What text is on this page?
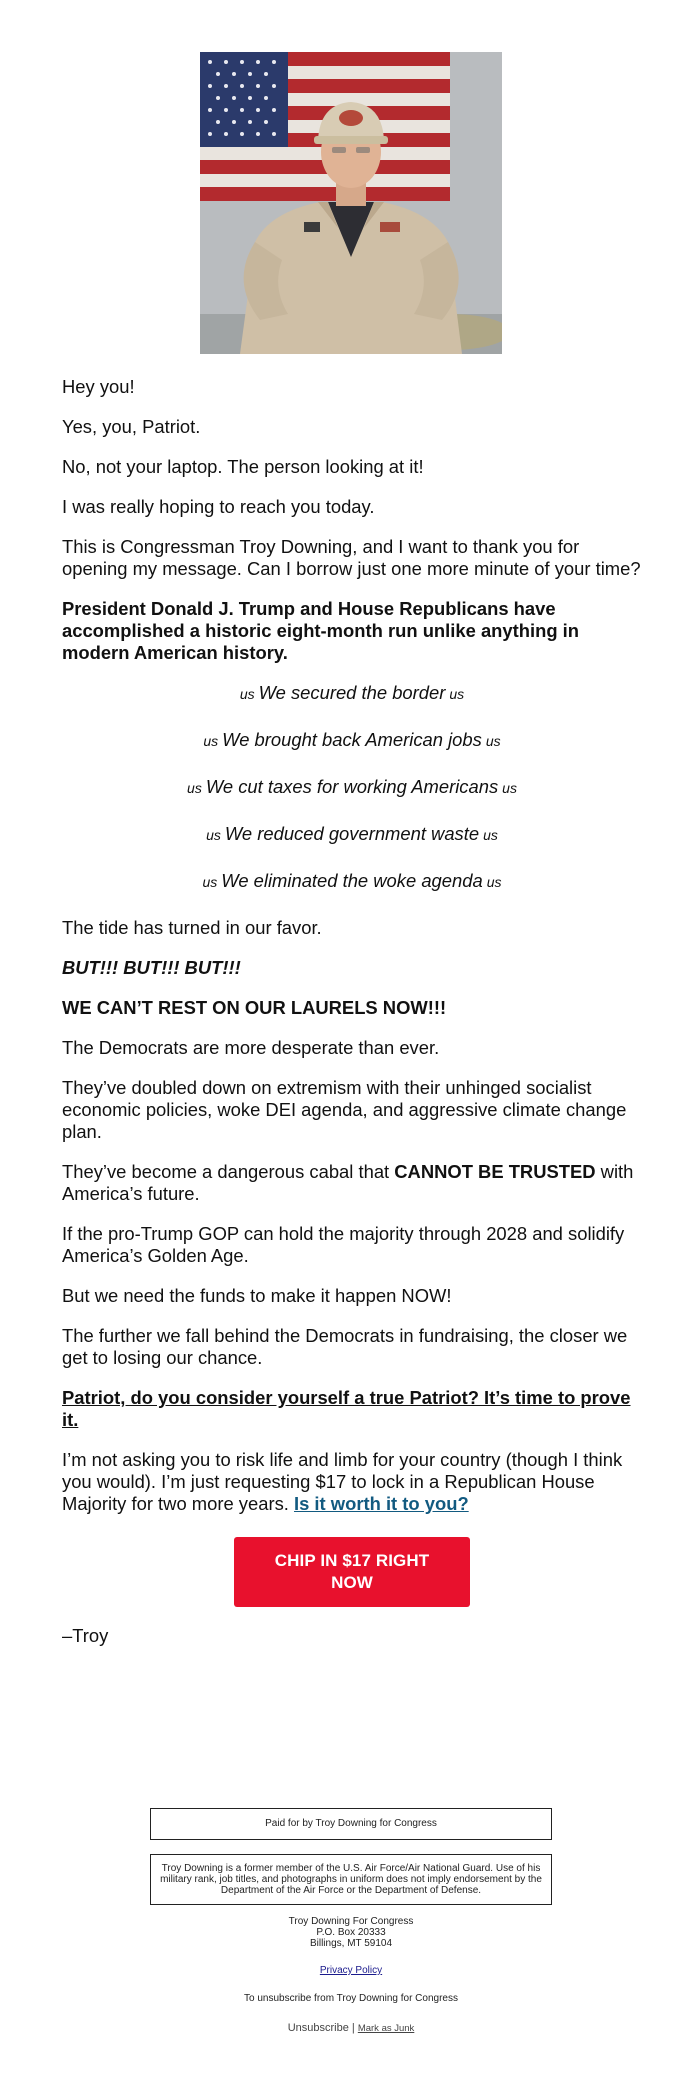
Hey you!

Yes, you, Patriot.

No, not your laptop. The person looking at it!

I was really hoping to reach you today.

This is Congressman Troy Downing, and I want to thank you for opening my message. Can I borrow just one more minute of your time?

President Donald J. Trump and House Republicans have accomplished a historic eight-month run unlike anything in modern American history.

us We secured the border us

us We brought back American jobs us

us We cut taxes for working Americans us

us We reduced government waste us

us We eliminated the woke agenda us

The tide has turned in our favor.

BUT!!! BUT!!! BUT!!!

WE CAN’T REST ON OUR LAURELS NOW!!!

The Democrats are more desperate than ever.

They’ve doubled down on extremism with their unhinged socialist economic policies, woke DEI agenda, and aggressive climate change plan.

They’ve become a dangerous cabal that CANNOT BE TRUSTED with America’s future.

If the pro-Trump GOP can hold the majority through 2028 and solidify America’s Golden Age.

But we need the funds to make it happen NOW!

The further we fall behind the Democrats in fundraising, the closer we get to losing our chance.

Patriot, do you consider yourself a true Patriot? It’s time to prove it.

I’m not asking you to risk life and limb for your country (though I think you would). I’m just requesting $17 to lock in a Republican House Majority for two more years. Is it worth it to you?

CHIP IN $17 RIGHT NOW

–Troy

Paid for by Troy Downing for Congress
Troy Downing is a former member of the U.S. Air Force/Air National Guard. Use of his military rank, job titles, and photographs in uniform does not imply endorsement by the Department of the Air Force or the Department of Defense.
Troy Downing For Congress
P.O. Box 20333
Billings, MT 59104
Privacy Policy
To unsubscribe from Troy Downing for Congress
Unsubscribe | Mark as Junk
